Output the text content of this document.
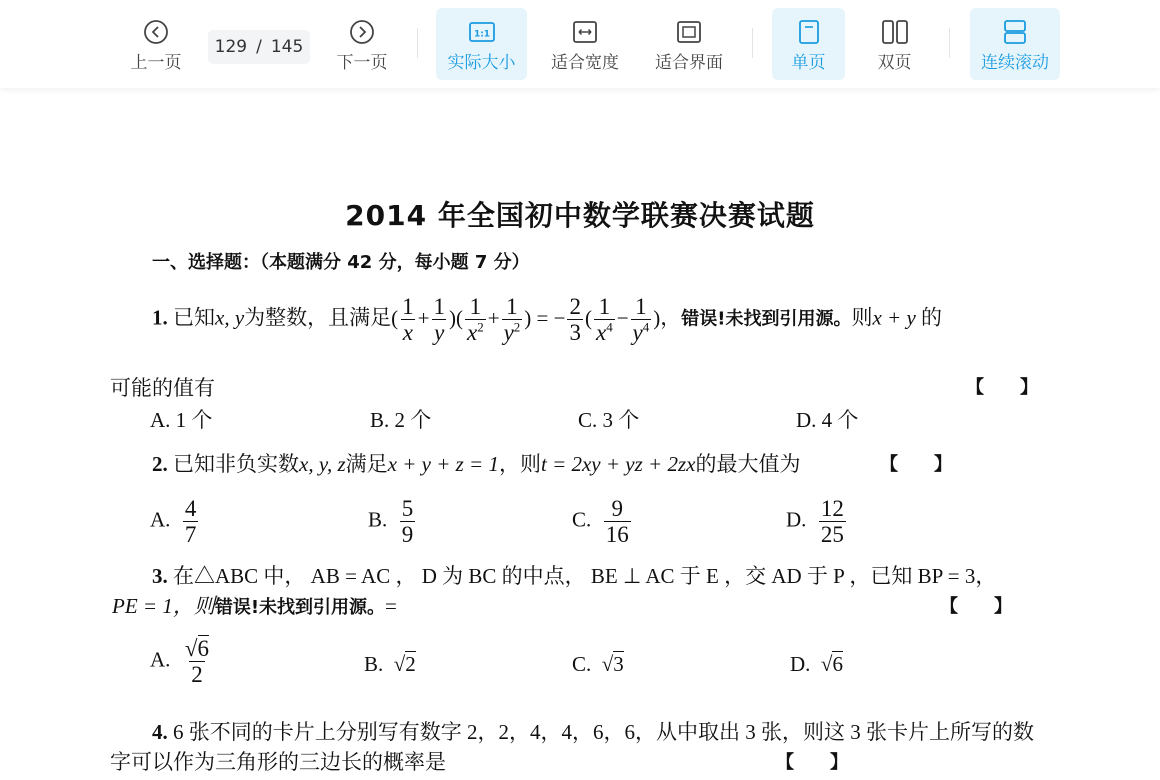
上一页
129 / 145
下一页
1:1
实际大小 适合宽度 适合界面	单页	双页	连续滚动
2014 年全国初中数学联赛决赛试题
一、选择题：（本题满分 42 分，每小题 7 分）
1. 已知x, y为整数，且满足( $\frac{1}{x} + \frac{1}{y}$ )( $\frac{1}{x^2} + \frac{1}{y^2}$ ) = − $\frac{2}{3}$ ( $\frac{1}{x^4} - \frac{1}{y^4}$ )，错误!未找到引用源。则x + y 的
可能的值有	【　　】
A. 1 个	B. 2 个	C. 3 个	D. 4 个
2. 已知非负实数x, y, z满足x + y + z = 1，则t = 2xy + yz + 2zx的最大值为	【　　】
A. $\frac{4}{7}$	B. $\frac{5}{9}$	C. $\frac{9}{16}$	D. $\frac{12}{25}$
3. 在△ABC 中， AB = AC ， D 为 BC 的中点， BE ⊥ AC 于 E ，交 AD 于 P ，已知 BP = 3，
PE = 1，则错误!未找到引用源。=	【　　】
A. $\frac{√6}{2}$	B.  √2	C.  √3	D.  √6
4. 6 张不同的卡片上分别写有数字 2，2，4，4，6，6，从中取出 3 张，则这 3 张卡片上所写的数
字可以作为三角形的三边长的概率是	【　　】
